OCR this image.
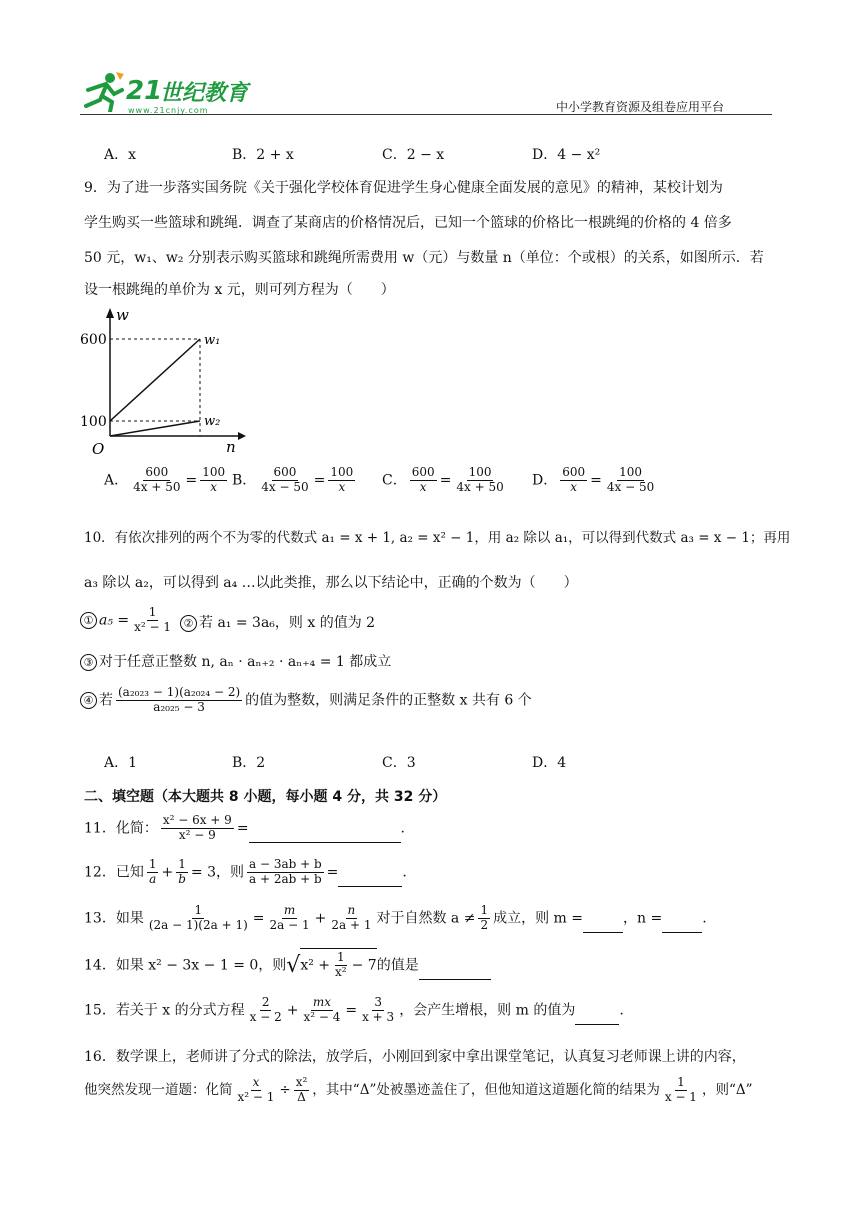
21
世纪教育
www.21cnjy.com	中小学教育资源及组卷应用平台
A．x	B．2 + x	C．2 − x	D．4 − x²
9．为了进一步落实国务院《关于强化学校体育促进学生身心健康全面发展的意见》的精神，某校计划为
学生购买一些篮球和跳绳．调查了某商店的价格情况后，已知一个篮球的价格比一根跳绳的价格的 4 倍多
50 元，w₁、w₂ 分别表示购买篮球和跳绳所需费用 w（元）与数量 n（单位：个或根）的关系，如图所示．若
设一根跳绳的单价为 x 元，则可列方程为（　　）
w
n
O
600
100
w₁
w₂
A． $\frac{600}{4x + 50} = \frac{100}{x}$ B． $\frac{600}{4x - 50} = \frac{100}{x}$ C． $\frac{600}{x} = \frac{100}{4x + 50}$ D． $\frac{600}{x} = \frac{100}{4x - 50}$
10．有依次排列的两个不为零的代数式 a₁ = x + 1, a₂ = x² − 1，用 a₂ 除以 a₁，可以得到代数式 a₃ = x − 1；再用
a₃ 除以 a₂，可以得到 a₄ …以此类推，那么以下结论中，正确的个数为（　　）
① $a_5 = \frac{1}{\text{x² − 1}}$ ② 若 a₁ = 3a₆，则 x 的值为 2
③ 对于任意正整数 n, aₙ · aₙ₊₂ · aₙ₊₄ = 1 都成立
④ 若 $\frac{\text{(a₂₀₂₃ − 1)(a₂₀₂₄ − 2)}}{\text{a₂₀₂₅ − 3}}$ 的值为整数，则满足条件的正整数 x 共有 6 个
A．1	B．2	C．3	D．4
二、填空题（本大题共 8 小题，每小题 4 分，共 32 分）
11．化简： $\frac{\text{x² − 6x + 9}}{\text{x² − 9}}$ =	.
12．已知 $\frac{1}{a} + \frac{1}{b} = 3$，则 $\frac{a - 3ab + b}{a + 2ab + b}$ =	.
13．如果 $\frac{1}{(2a - 1)(2a + 1)} = \frac{m}{2a - 1} + \frac{n}{2a + 1}$ 对于自然数 $a \ne \frac{1}{2}$ 成立，则 m =	，n =	.
14．如果 x² − 3x − 1 = 0，则$√x^2 + \frac{1}{\text{x²}} - 7$的值是
15．若关于 x 的分式方程 $\frac{2}{x - 2} + \frac{mx}{\text{x² − 4}} = \frac{3}{x + 3}$ ，会产生增根，则 m 的值为	.
16．数学课上，老师讲了分式的除法，放学后，小刚回到家中拿出课堂笔记，认真复习老师课上讲的内容，
他突然发现一道题：化简 $\frac{x}{\text{x² − 1}} \div \frac{\text{x²}}{\Delta}$ ，其中“Δ”处被墨迹盖住了，但他知道这道题化简的结果为 $\frac{1}{x - 1}$ ，则“Δ”
